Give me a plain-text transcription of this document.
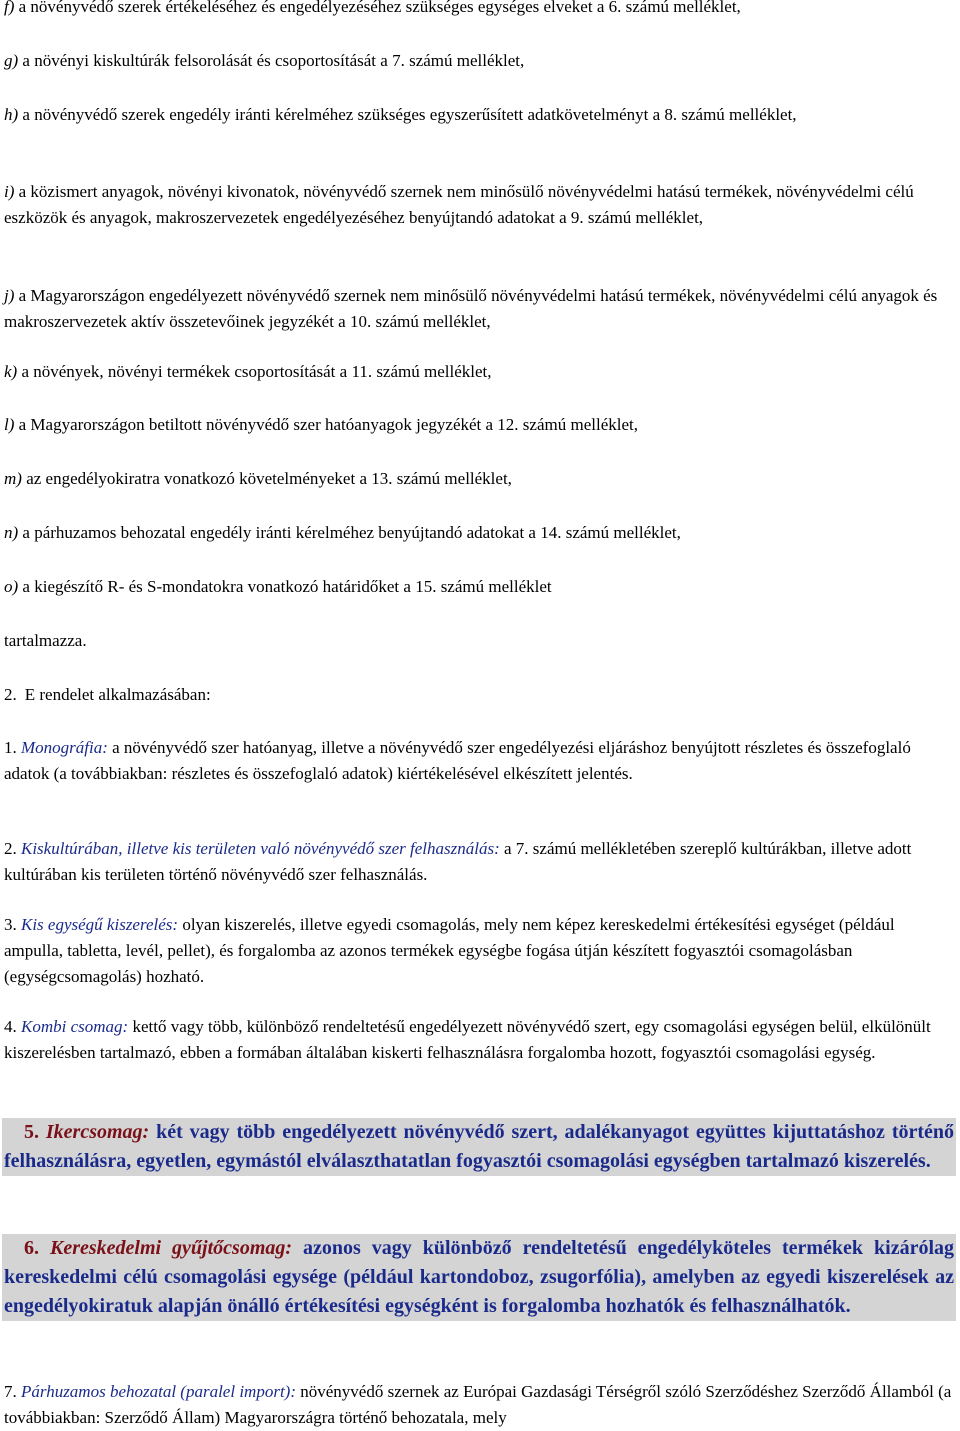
f) a növényvédő szerek értékeléséhez és engedélyezéséhez szükséges egységes elveket a 6. számú melléklet,

g) a növényi kiskultúrák felsorolását és csoportosítását a 7. számú melléklet,

h) a növényvédő szerek engedély iránti kérelméhez szükséges egyszerűsített adatkövetelményt a 8. számú melléklet,

i) a közismert anyagok, növényi kivonatok, növényvédő szernek nem minősülő növényvédelmi hatású termékek, növényvédelmi célú eszközök és anyagok, makroszervezetek engedélyezéséhez benyújtandó adatokat a 9. számú melléklet,

j) a Magyarországon engedélyezett növényvédő szernek nem minősülő növényvédelmi hatású termékek, növényvédelmi célú anyagok és makroszervezetek aktív összetevőinek jegyzékét a 10. számú melléklet,

k) a növények, növényi termékek csoportosítását a 11. számú melléklet,

l) a Magyarországon betiltott növényvédő szer hatóanyagok jegyzékét a 12. számú melléklet,

m) az engedélyokiratra vonatkozó követelményeket a 13. számú melléklet,

n) a párhuzamos behozatal engedély iránti kérelméhez benyújtandó adatokat a 14. számú melléklet,

o) a kiegészítő R- és S-mondatokra vonatkozó határidőket a 15. számú melléklet

tartalmazza.

2. E rendelet alkalmazásában:

1. Monográfia: a növényvédő szer hatóanyag, illetve a növényvédő szer engedélyezési eljáráshoz benyújtott részletes és összefoglaló adatok (a továbbiakban: részletes és összefoglaló adatok) kiértékelésével elkészített jelentés.

2. Kiskultúrában, illetve kis területen való növényvédő szer felhasználás: a 7. számú mellékletében szereplő kultúrákban, illetve adott kultúrában kis területen történő növényvédő szer felhasználás.

3. Kis egységű kiszerelés: olyan kiszerelés, illetve egyedi csomagolás, mely nem képez kereskedelmi értékesítési egységet (például ampulla, tabletta, levél, pellet), és forgalomba az azonos termékek egységbe fogása útján készített fogyasztói csomagolásban (egységcsomagolás) hozható.

4. Kombi csomag: kettő vagy több, különböző rendeltetésű engedélyezett növényvédő szert, egy csomagolási egységen belül, elkülönült kiszerelésben tartalmazó, ebben a formában általában kiskerti felhasználásra forgalomba hozott, fogyasztói csomagolási egység.

5. Ikercsomag: két vagy több engedélyezett növényvédő szert, adalékanyagot együttes kijuttatáshoz történő felhasználásra, egyetlen, egymástól elválaszthatatlan fogyasztói csomagolási egységben tartalmazó kiszerelés.

6. Kereskedelmi gyűjtőcsomag: azonos vagy különböző rendeltetésű engedélyköteles termékek kizárólag kereskedelmi célú csomagolási egysége (például kartondoboz, zsugorfólia), amelyben az egyedi kiszerelések az engedélyokiratuk alapján önálló értékesítési egységként is forgalomba hozhatók és felhasználhatók.

7. Párhuzamos behozatal (paralel import): növényvédő szernek az Európai Gazdasági Térségről szóló Szerződéshez Szerződő Államból (a továbbiakban: Szerződő Állam) Magyarországra történő behozatala, mely
